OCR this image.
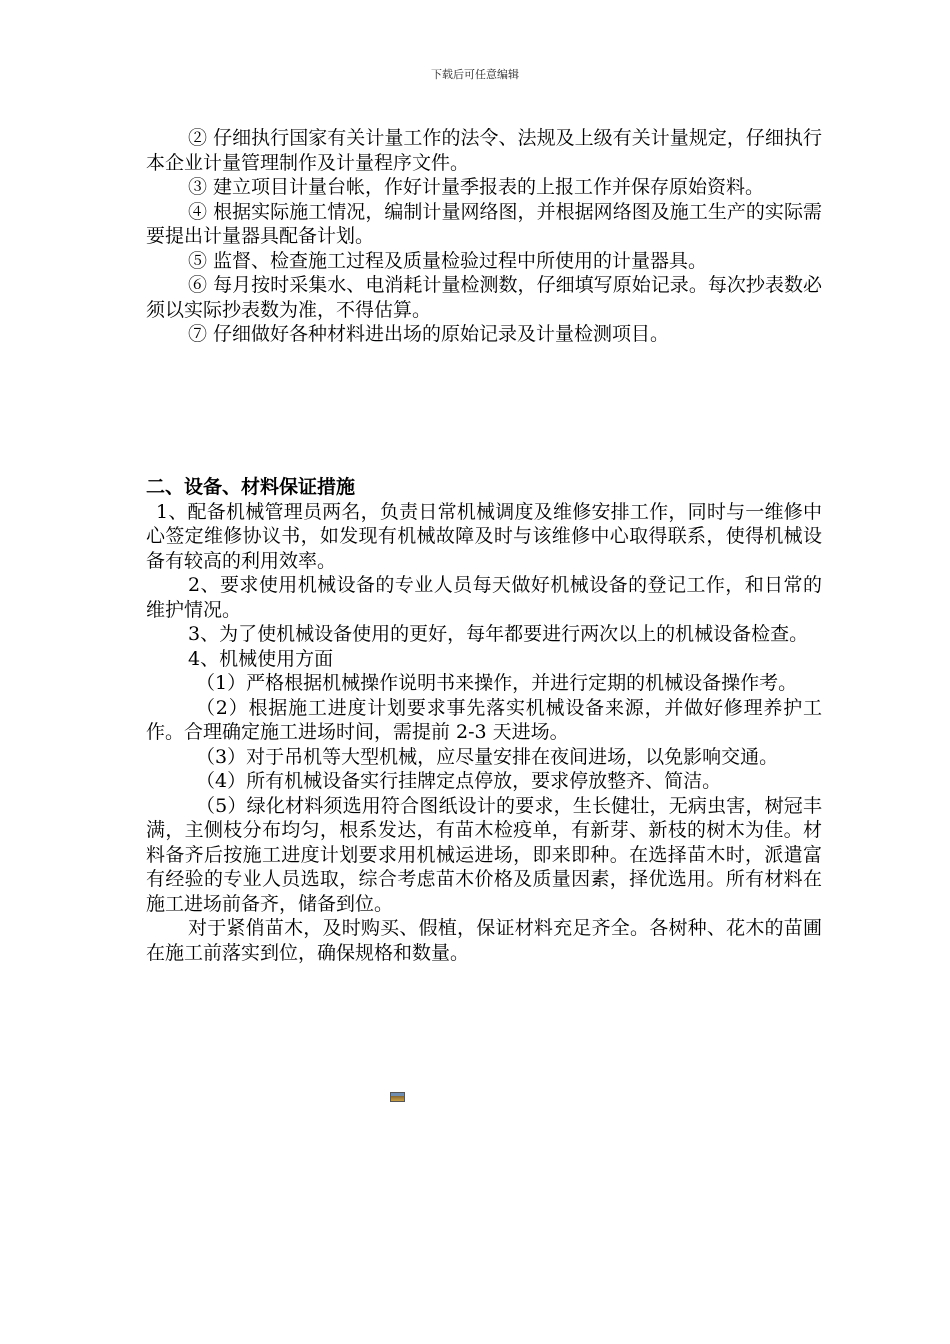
下载后可任意编辑

② 仔细执行国家有关计量工作的法令、法规及上级有关计量规定，仔细执行本企业计量管理制作及计量程序文件。

③ 建立项目计量台帐，作好计量季报表的上报工作并保存原始资料。

④ 根据实际施工情况，编制计量网络图，并根据网络图及施工生产的实际需要提出计量器具配备计划。

⑤ 监督、检查施工过程及质量检验过程中所使用的计量器具。

⑥ 每月按时采集水、电消耗计量检测数，仔细填写原始记录。每次抄表数必须以实际抄表数为准，不得估算。

⑦ 仔细做好各种材料进出场的原始记录及计量检测项目。

二、设备、材料保证措施

1、配备机械管理员两名，负责日常机械调度及维修安排工作，同时与一维修中心签定维修协议书，如发现有机械故障及时与该维修中心取得联系，使得机械设备有较高的利用效率。

2、要求使用机械设备的专业人员每天做好机械设备的登记工作，和日常的维护情况。

3、为了使机械设备使用的更好，每年都要进行两次以上的机械设备检查。

4、机械使用方面

（1）严格根据机械操作说明书来操作，并进行定期的机械设备操作考。

（2）根据施工进度计划要求事先落实机械设备来源，并做好修理养护工作。合理确定施工进场时间，需提前 2-3 天进场。

（3）对于吊机等大型机械，应尽量安排在夜间进场，以免影响交通。

（4）所有机械设备实行挂牌定点停放，要求停放整齐、简洁。

（5）绿化材料须选用符合图纸设计的要求，生长健壮，无病虫害，树冠丰满，主侧枝分布均匀，根系发达，有苗木检疫单，有新芽、新枝的树木为佳。材料备齐后按施工进度计划要求用机械运进场，即来即种。在选择苗木时，派遣富有经验的专业人员选取，综合考虑苗木价格及质量因素，择优选用。所有材料在施工进场前备齐，储备到位。

对于紧俏苗木，及时购买、假植，保证材料充足齐全。各树种、花木的苗圃在施工前落实到位，确保规格和数量。
